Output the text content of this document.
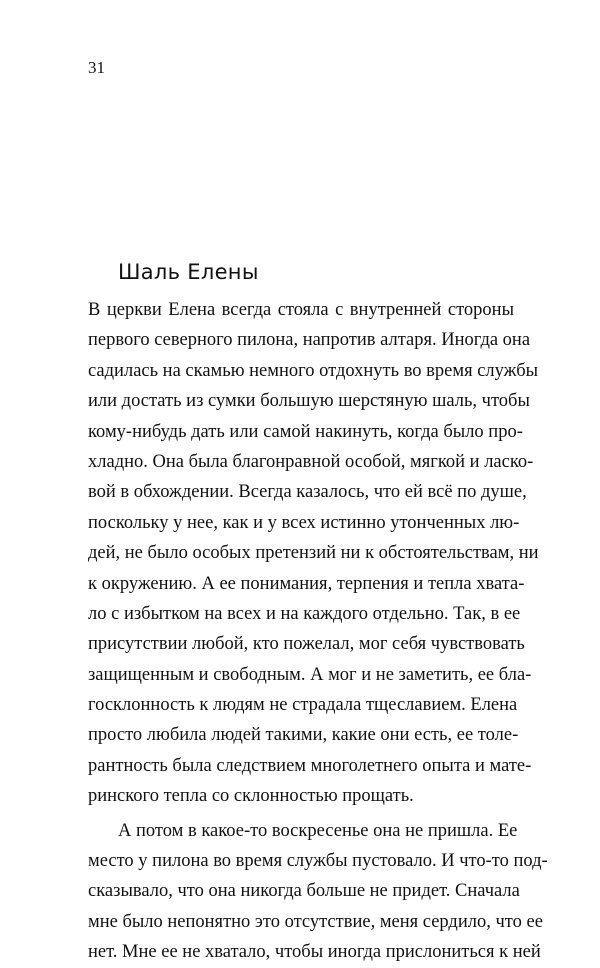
31
Шаль Елены
В церкви Елена всегда стояла с внутренней стороны
первого северного пилона, напротив алтаря. Иногда она
садилась на скамью немного отдохнуть во время службы
или достать из сумки большую шерстяную шаль, чтобы
кому-нибудь дать или самой накинуть, когда было про-
хладно. Она была благонравной особой, мягкой и ласко-
вой в обхождении. Всегда казалось, что ей всё по душе,
поскольку у нее, как и у всех истинно утонченных лю-
дей, не было особых претензий ни к обстоятельствам, ни
к окружению. А ее понимания, терпения и тепла хвата-
ло с избытком на всех и на каждого отдельно. Так, в ее
присутствии любой, кто пожелал, мог себя чувствовать
защищенным и свободным. А мог и не заметить, ее бла-
госклонность к людям не страдала тщеславием. Елена
просто любила людей такими, какие они есть, ее толе-
рантность была следствием многолетнего опыта и мате-
ринского тепла со склонностью прощать.
А потом в какое-то воскресенье она не пришла. Ее
место у пилона во время службы пустовало. И что-то под-
сказывало, что она никогда больше не придет. Сначала
мне было непонятно это отсутствие, меня сердило, что ее
нет. Мне ее не хватало, чтобы иногда прислониться к ней
